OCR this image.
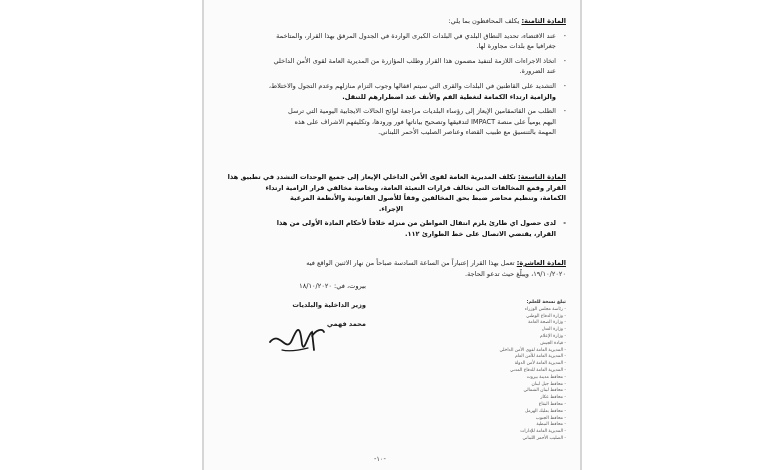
المادة الثامنة: يكلف المحافظون بما يلي:
-
عند الاقتضاء، تحديد النطاق البلدي في البلدات الكبرى الواردة في الجدول المرفق بهذا القرار، والمتاخمة
جغرافيا مع بلدات مجاورة لها.
-
اتخاذ الاجراءات اللازمة لتنفيذ مضمون هذا القرار وطلب المؤازرة من المديرية العامة لقوى الأمن الداخلي
عند الضرورة.
-
التشديد على القاطنين في البلدات والقرى التي سيتم اقفالها وجوب التزام منازلهم وعدم التجول والاختلاط،
والزامية ارتداء الكمامة لتغطية الفم والأنف عند اضطرارهم للتنقل.
-
الطلب من القائمقامين الإيعاز إلى رؤساء البلديات مراجعة لوائح الحالات الايجابية اليومية التي ترسل
اليهم يومياً على منصة IMPACT لتدقيقها وتصحيح بياناتها فور ورودها، وتكليفهم الاشراف على هذه
المهمة بالتنسيق مع طبيب القضاء وعناصر الصليب الأحمر اللبناني.
المادة التاسعة: تكلف المديرية العامة لقوى الأمن الداخلي الإيعاز إلى جميع الوحدات التشدد في تطبيق هذا
القرار وقمع المخالفات التي تخالف قرارات التعبئة العامة، وبخاصة مخالفي قرار الزامية ارتداء
الكمامة، وتنظيم محاضر ضبط بحق المخالفين وفقاً للأصول القانونية والأنظمة المرعية
الإجراء.
-
لدى حصول اي طارئ يلزم انتقال المواطن من منزله خلافاً لأحكام المادة الأولى من هذا
القرار، يقتضي الاتصال على خط الطوارئ ١١٢.
المادة العاشرة: تعمل بهذا القرار إعتباراً من الساعة السادسة صباحاً من نهار الاثنين الواقع فيه
١٩/١٠/٢٠٢٠، ويبلّغ حيث تدعو الحاجة.
بيروت، في: ١٨/١٠/٢٠٢٠
وزير الداخلية والبلديات
محمد فهمي
تبلغ نسخة للعلم:
- رئاسة مجلس الوزراء
- وزارة الدفاع الوطني
- وزارة الصحة العامة
- وزارة العدل
- وزارة الإعلام
- قيادة الجيش
- المديرية العامة لقوى الأمن الداخلي
- المديرية العامة للأمن العام
- المديرية العامة لأمن الدولة
- المديرية العامة للدفاع المدني
- محافظ مدينة بيروت
- محافظ جبل لبنان
- محافظ لبنان الشمالي
- محافظ عكار
- محافظ البقاع
- محافظ بعلبك الهرمل
- محافظ الجنوب
- محافظ النبطية
- المديرية العامة للإدارات
- الصليب الأحمر اللبناني
-١٠-
